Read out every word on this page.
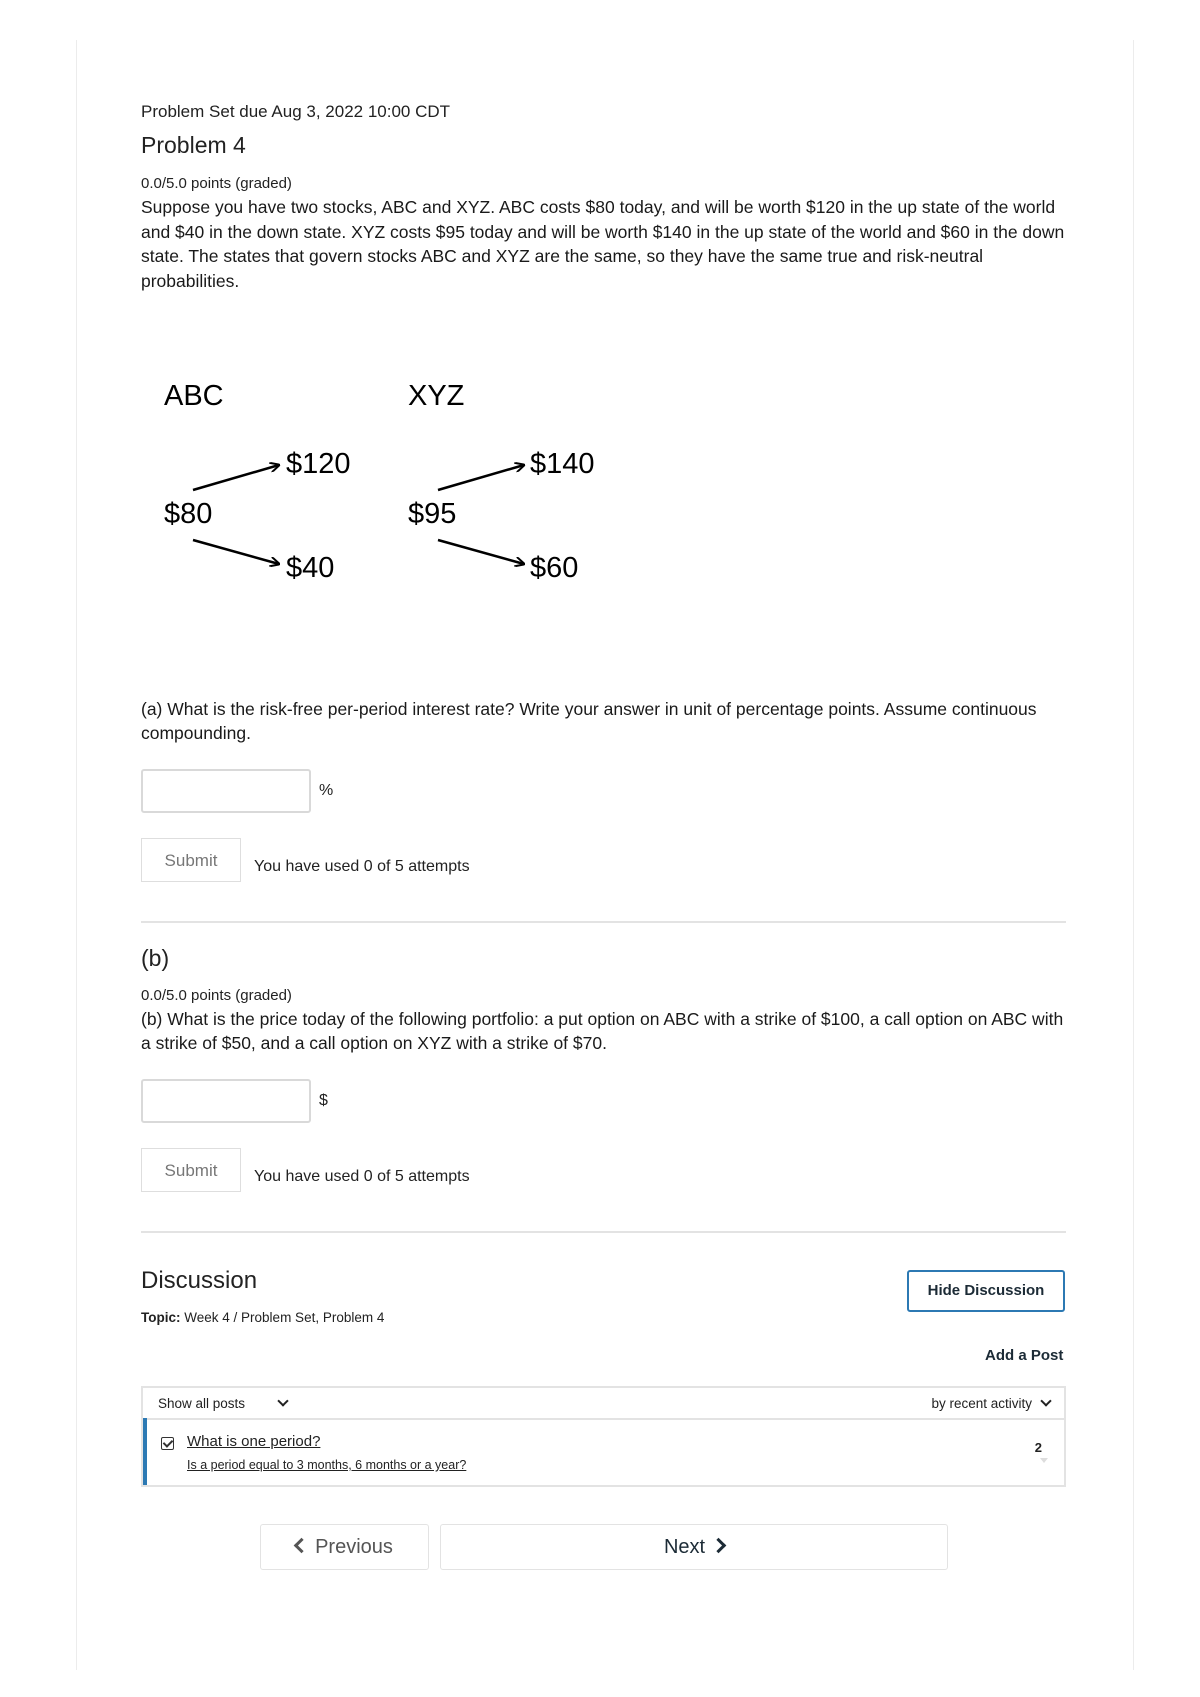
Problem Set due Aug 3, 2022 10:00 CDT
Problem 4
0.0/5.0 points (graded)
Suppose you have two stocks, ABC and XYZ. ABC costs $80 today, and will be worth $120 in the up state of the world and $40 in the down state. XYZ costs $95 today and will be worth $140 in the up state of the world and $60 in the down state. The states that govern stocks ABC and XYZ are the same, so they have the same true and risk-neutral probabilities.
ABC	XYZ
$80
$120
$40
$95
$140
$60
(a) What is the risk-free per-period interest rate? Write your answer in unit of percentage points. Assume continuous compounding.
%
Submit	You have used 0 of 5 attempts
(b)
0.0/5.0 points (graded)
(b) What is the price today of the following portfolio: a put option on ABC with a strike of $100, a call option on ABC with a strike of $50, and a call option on XYZ with a strike of $70.
$
Submit	You have used 0 of 5 attempts
Discussion
Topic: Week 4 / Problem Set, Problem 4
Hide Discussion
Add a Post
Show all posts	by recent activity
What is one period?
Is a period equal to 3 months, 6 months or a year?
2
Previous	Next
